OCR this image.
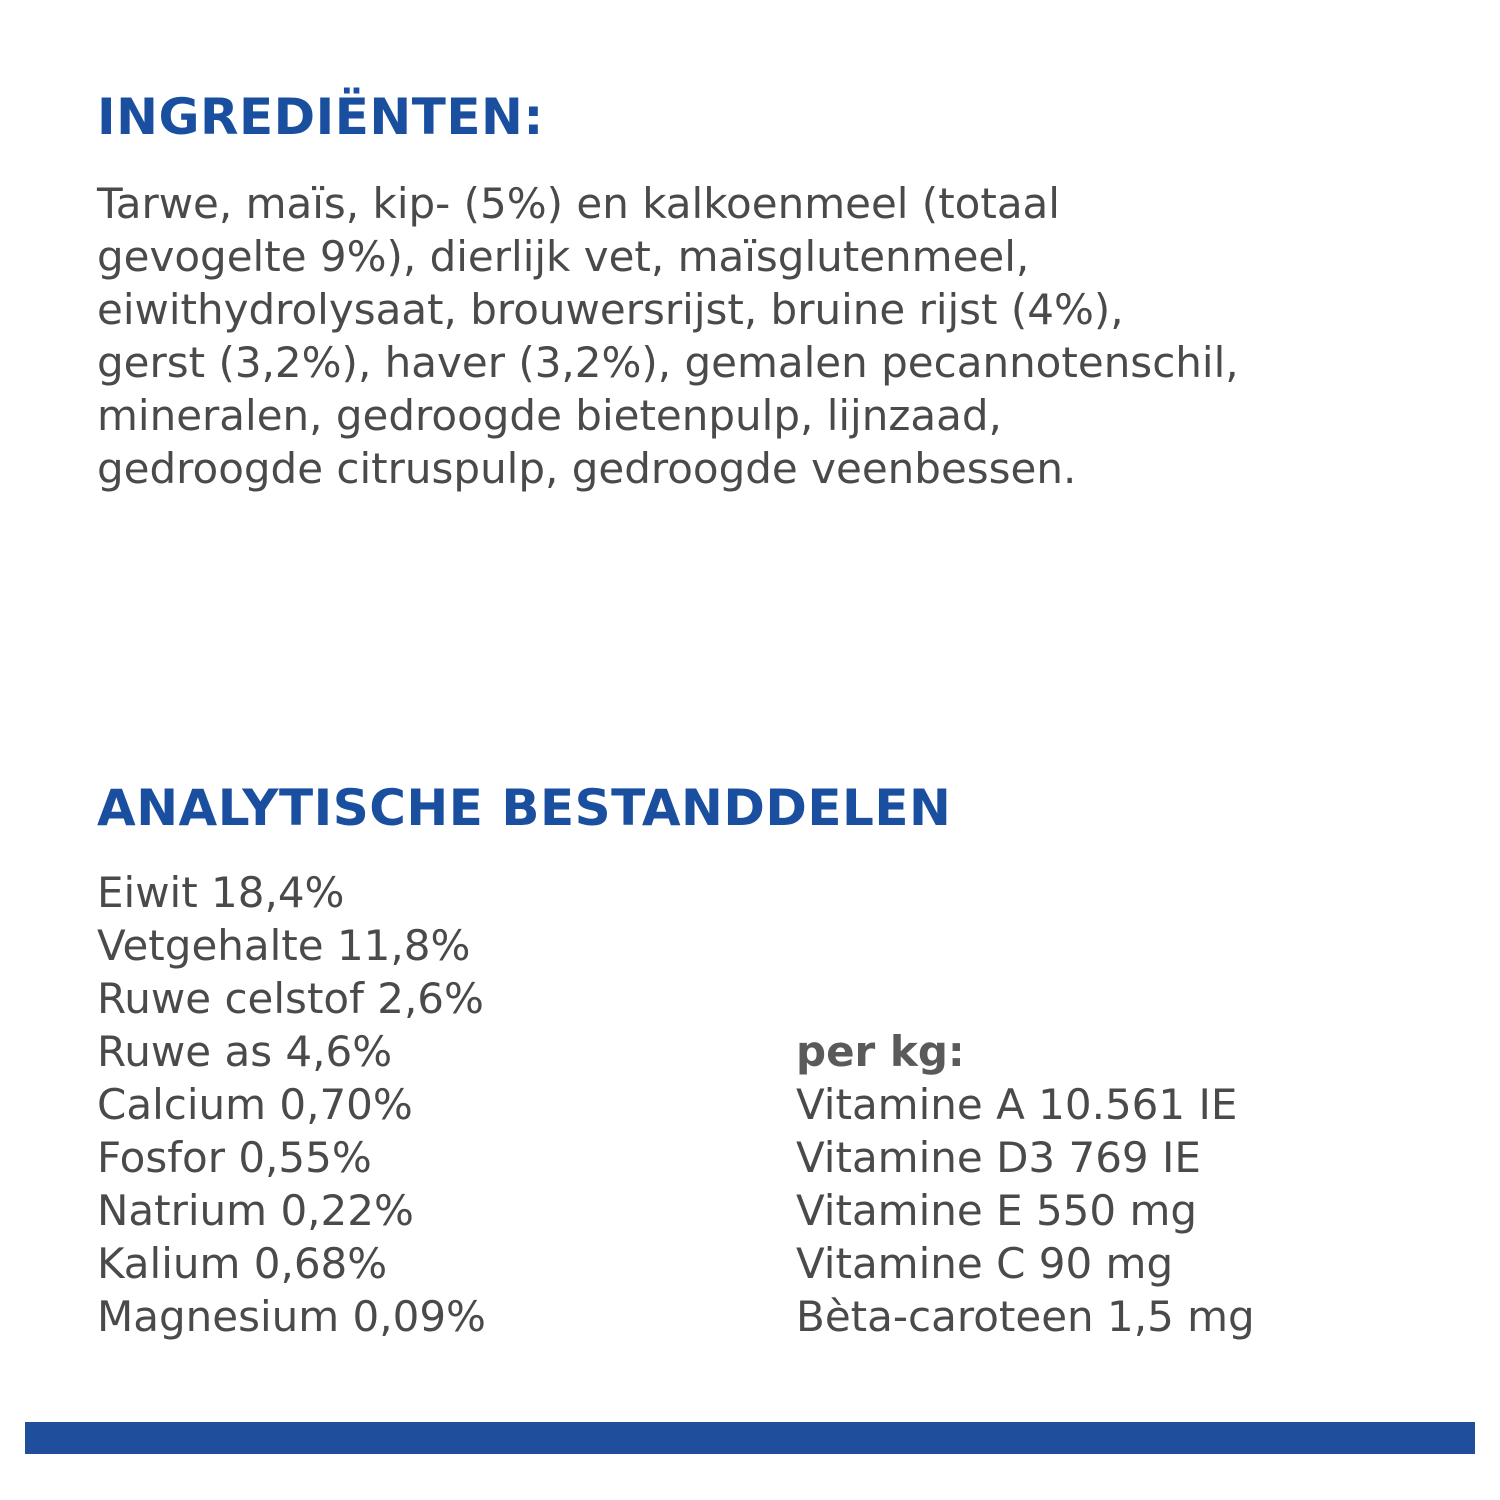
INGREDIËNTEN:

Tarwe, maïs, kip- (5%) en kalkoenmeel (totaal
gevogelte 9%), dierlijk vet, maïsglutenmeel,
eiwithydrolysaat, brouwersrijst, bruine rijst (4%),
gerst (3,2%), haver (3,2%), gemalen pecannotenschil,
mineralen, gedroogde bietenpulp, lijnzaad,
gedroogde citruspulp, gedroogde veenbessen.

ANALYTISCHE BESTANDDELEN
Eiwit 18,4%
Vetgehalte 11,8%
Ruwe celstof 2,6%
Ruwe as 4,6%
Calcium 0,70%
Fosfor 0,55%
Natrium 0,22%
Kalium 0,68%
Magnesium 0,09%
per kg:
Vitamine A 10.561 IE
Vitamine D3 769 IE
Vitamine E 550 mg
Vitamine C 90 mg
Bèta-caroteen 1,5 mg
